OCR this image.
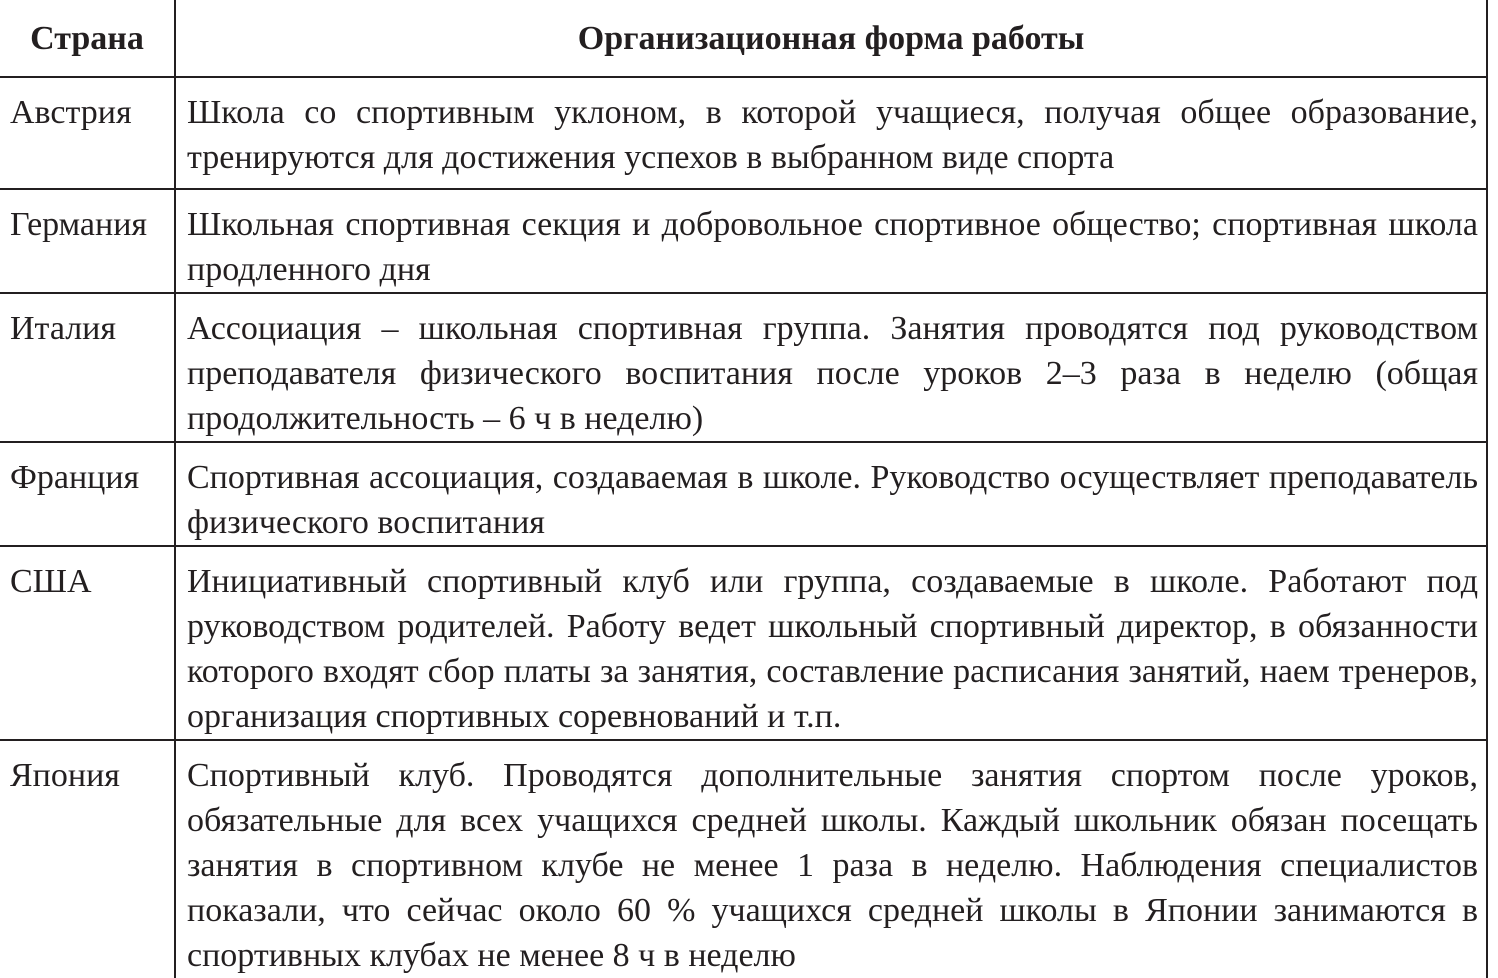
Страна	Организационная форма работы
Австрия	Школа со спортивным уклоном, в которой учащиеся, получая общее образование, тренируются для достижения успехов в выбранном виде спорта
Германия	Школьная спортивная секция и добровольное спортивное общество; спортивная школа продленного дня
Италия	Ассоциация – школьная спортивная группа. Занятия проводятся под руководством преподавателя физического воспитания после уроков 2–3 раза в неделю (общая продолжительность – 6 ч в неделю)
Франция	Спортивная ассоциация, создаваемая в школе. Руководство осуществляет преподаватель физического воспитания
США	Инициативный спортивный клуб или группа, создаваемые в школе. Работают под руководством родителей. Работу ведет школьный спортивный директор, в обязанности которого входят сбор платы за занятия, составление расписания занятий, наем тренеров, организация спортивных соревнований и т.п.
Япония	Спортивный клуб. Проводятся дополнительные занятия спортом после уроков, обязательные для всех учащихся средней школы. Каждый школьник обязан посещать занятия в спортивном клубе не менее 1 раза в неделю. Наблюдения специалистов показали, что сейчас около 60 % учащихся средней школы в Японии занимаются в спортивных клубах не менее 8 ч в неделю
